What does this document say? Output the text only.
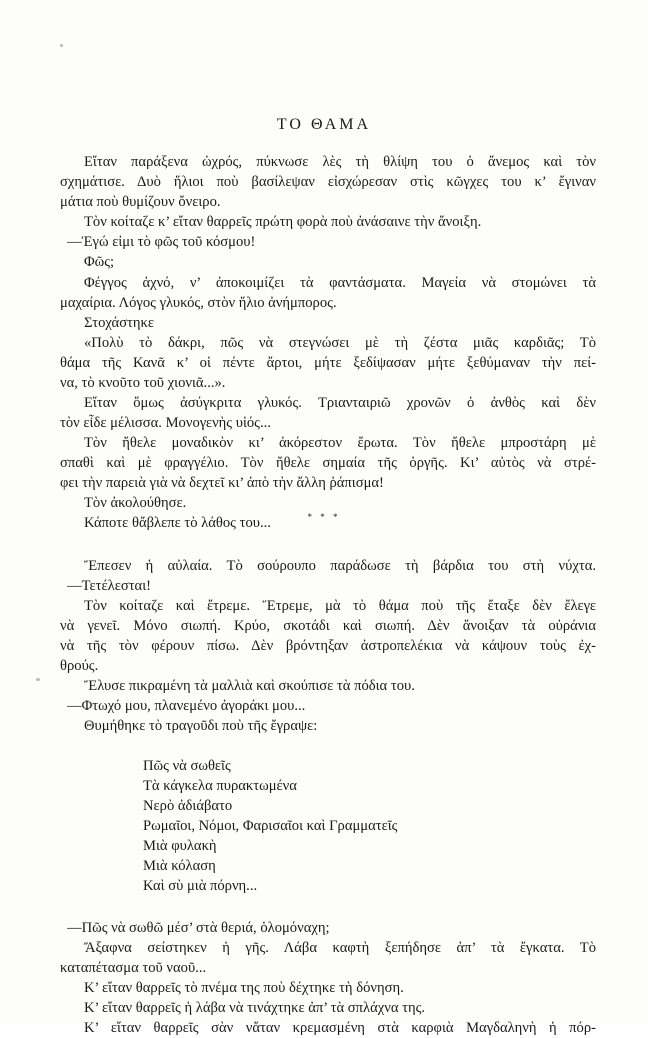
ΤΟ ΘΑΜΑ
Εἴταν παράξενα ὠχρός, πύκνωσε λὲς τὴ θλίψη του ὁ ἄνεμος καὶ τὸν
σχημάτισε. Δυὸ ἥλιοι ποὺ βασίλεψαν εἰσχώρεσαν στὶς κῶγχες του κ’ ἔγιναν
μάτια ποὺ θυμίζουν ὄνειρο.
Τὸν κοίταζε κ’ εἴταν θαρρεῖς πρώτη φορὰ ποὺ ἀνάσαινε τὴν ἄνοιξη.
—Ἐγώ εἰμι τὸ φῶς τοῦ κόσμου!
Φῶς;
Φέγγος ἀχνό, ν’ ἀποκοιμίζει τὰ φαντάσματα. Μαγεία νὰ στομώνει τὰ
μαχαίρια. Λόγος γλυκός, στὸν ἥλιο ἀνήμπορος.
Στοχάστηκε
«Πολὺ τὸ δάκρι, πῶς νὰ στεγνώσει μὲ τὴ ζέστα μιᾶς καρδιᾶς; Τὸ
θάμα τῆς Κανᾶ κ’ οἱ πέντε ἄρτοι, μήτε ξεδίψασαν μήτε ξεθύμαναν τὴν πεί-
να, τὸ κνοῦτο τοῦ χιονιᾶ...».
Εἴταν ὅμως ἀσύγκριτα γλυκός. Τριανταιριῶ χρονῶν ὁ ἀνθὸς καὶ δὲν
τὸν εἶδε μέλισσα. Μονογενὴς υἱός...
Τὸν ἤθελε μοναδικὸν κι’ ἀκόρεστον ἔρωτα. Τὸν ἤθελε μπροστάρη μὲ
σπαθὶ καὶ μὲ φραγγέλιο. Τὸν ἤθελε σημαία τῆς ὀργῆς. Κι’ αὐτὸς νὰ στρέ-
φει τὴν παρειὰ γιὰ νὰ δεχτεῖ κι’ ἀπὸ τὴν ἄλλη ῥάπισμα!
Τὸν ἀκολούθησε.
Κάποτε θἄβλεπε τὸ λάθος του...	* * *
Ἔπεσεν ἡ αὐλαία. Τὸ σούρουπο παράδωσε τὴ βάρδια του στὴ νύχτα.
—Τετέλεσται!
Τὸν κοίταζε καὶ ἔτρεμε. Ἔτρεμε, μὰ τὸ θάμα ποὺ τῆς ἔταξε δὲν ἔλεγε
νὰ γενεῖ. Μόνο σιωπή. Κρύο, σκοτάδι καὶ σιωπή. Δὲν ἄνοιξαν τὰ οὐράνια
νὰ τῆς τὸν φέρουν πίσω. Δὲν βρόντηξαν ἀστροπελέκια νὰ κάψουν τοὺς ἐχ-
θρούς.
Ἔλυσε πικραμένη τὰ μαλλιὰ καὶ σκούπισε τὰ πόδια του.
—Φτωχό μου, πλανεμένο ἀγοράκι μου...
Θυμήθηκε τὸ τραγοῦδι ποὺ τῆς ἔγραψε:
Πῶς νὰ σωθεῖς
Τὰ κάγκελα πυρακτωμένα
Νερὸ ἀδιάβατο
Ρωμαῖοι, Νόμοι, Φαρισαῖοι καὶ Γραμματεῖς
Μιὰ φυλακὴ
Μιὰ κόλαση
Καὶ σὺ μιὰ πόρνη...
—Πῶς νὰ σωθῶ μέσ’ στὰ θεριά, ὁλομόναχη;
Ἄξαφνα σείστηκεν ἡ γῆς. Λάβα καφτὴ ξεπήδησε ἀπ’ τὰ ἔγκατα. Τὸ
καταπέτασμα τοῦ ναοῦ...
Κ’ εἴταν θαρρεῖς τὸ πνέμα της ποὺ δέχτηκε τὴ δόνηση.
Κ’ εἴταν θαρρεῖς ἡ λάβα νὰ τινάχτηκε ἀπ’ τὰ σπλάχνα της.
Κ’ εἴταν θαρρεῖς σὰν νἄταν κρεμασμένη στὰ καρφιὰ Μαγδαληνὴ ἡ πόρ-
